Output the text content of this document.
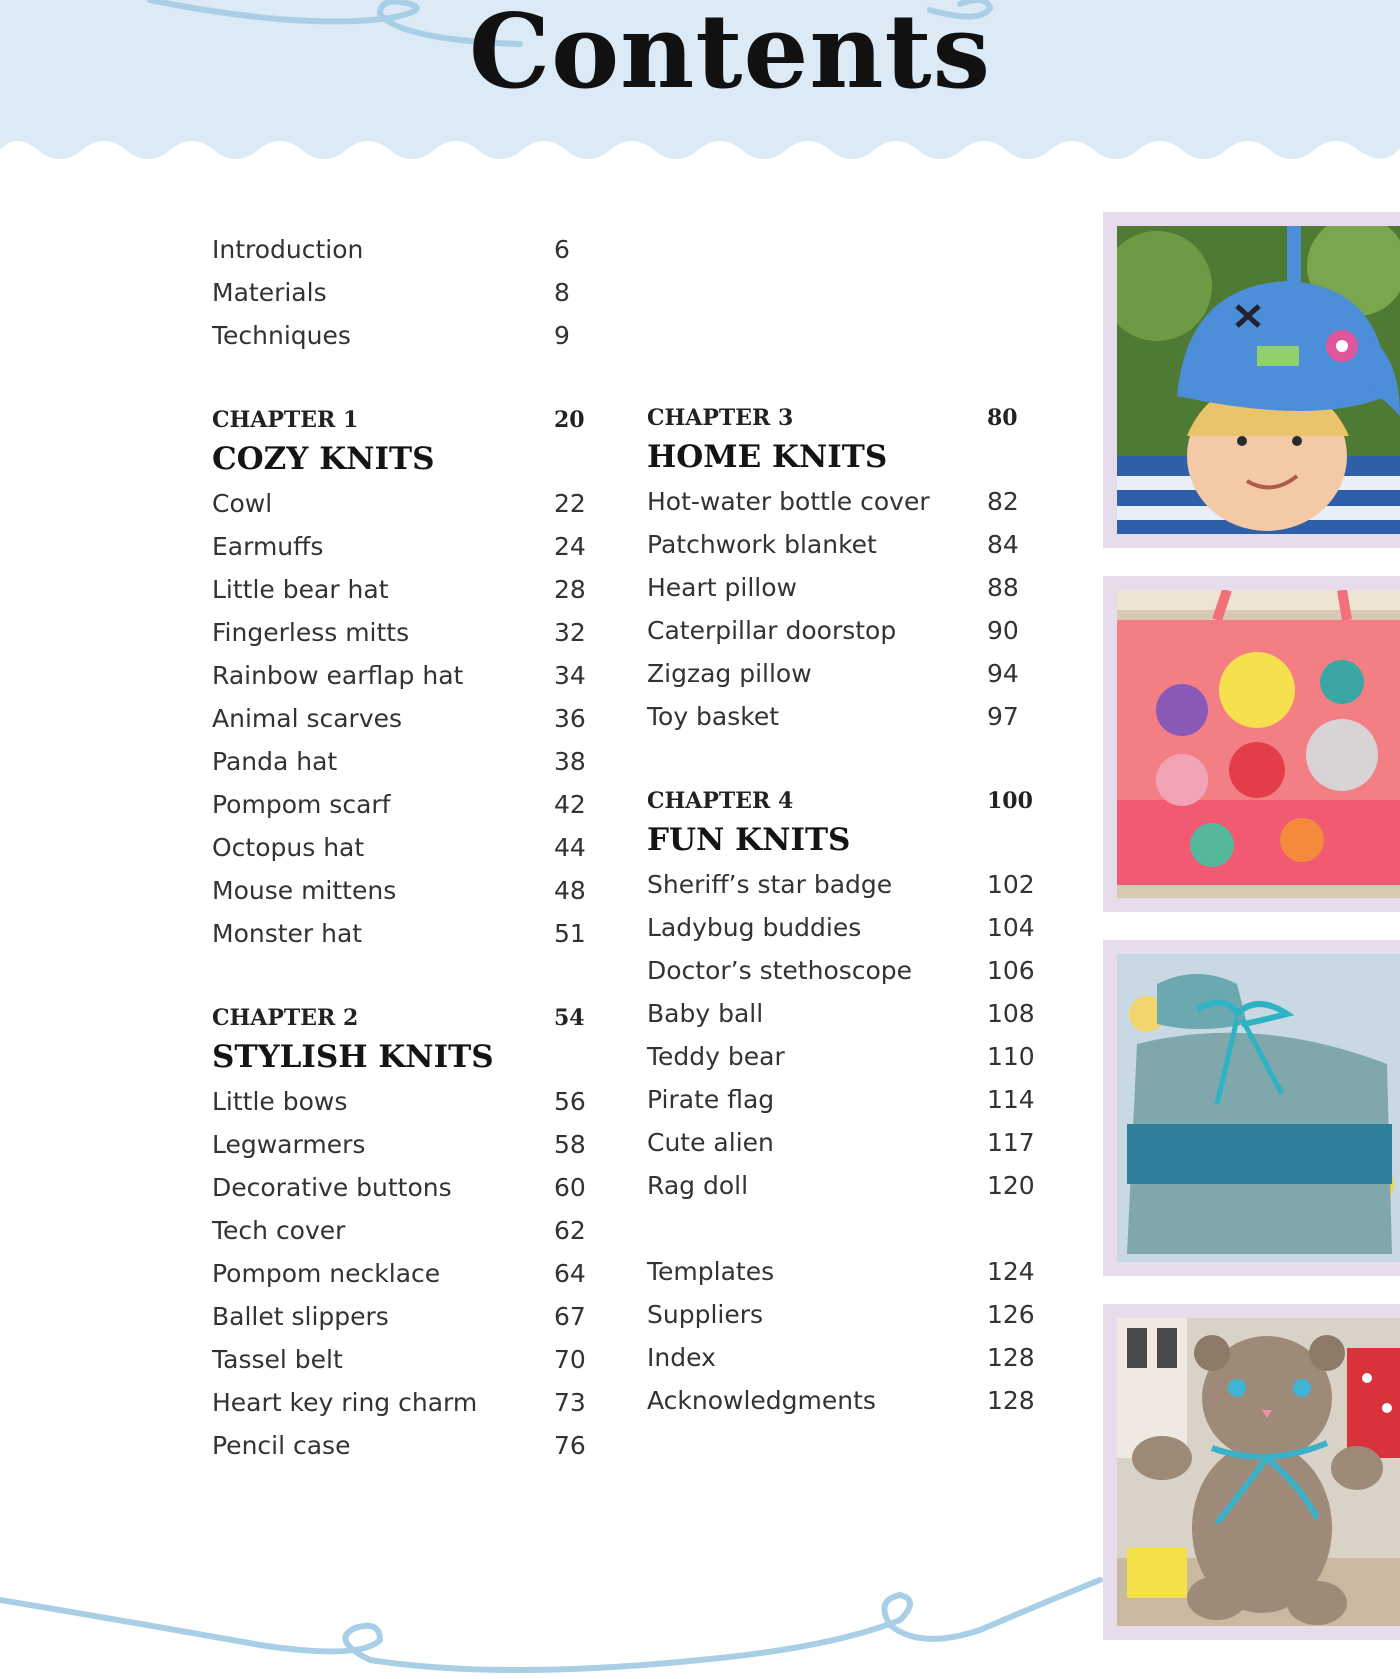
Contents
Introduction	6
Materials	8
Techniques	9
CHAPTER 1	20
COZY KNITS
Cowl	22
Earmuffs	24
Little bear hat	28
Fingerless mitts	32
Rainbow earflap hat	34
Animal scarves	36
Panda hat	38
Pompom scarf	42
Octopus hat	44
Mouse mittens	48
Monster hat	51
CHAPTER 2	54
STYLISH KNITS
Little bows	56
Legwarmers	58
Decorative buttons	60
Tech cover	62
Pompom necklace	64
Ballet slippers	67
Tassel belt	70
Heart key ring charm	73
Pencil case	76
CHAPTER 3	80
HOME KNITS
Hot-water bottle cover 82
Patchwork blanket	84
Heart pillow	88
Caterpillar doorstop	90
Zigzag pillow	94
Toy basket	97
CHAPTER 4	100
FUN KNITS
Sheriff’s star badge	102
Ladybug buddies	104
Doctor’s stethoscope	106
Baby ball	108
Teddy bear	110
Pirate flag	114
Cute alien	117
Rag doll	120
Templates	124
Suppliers	126
Index	128
Acknowledgments	128
